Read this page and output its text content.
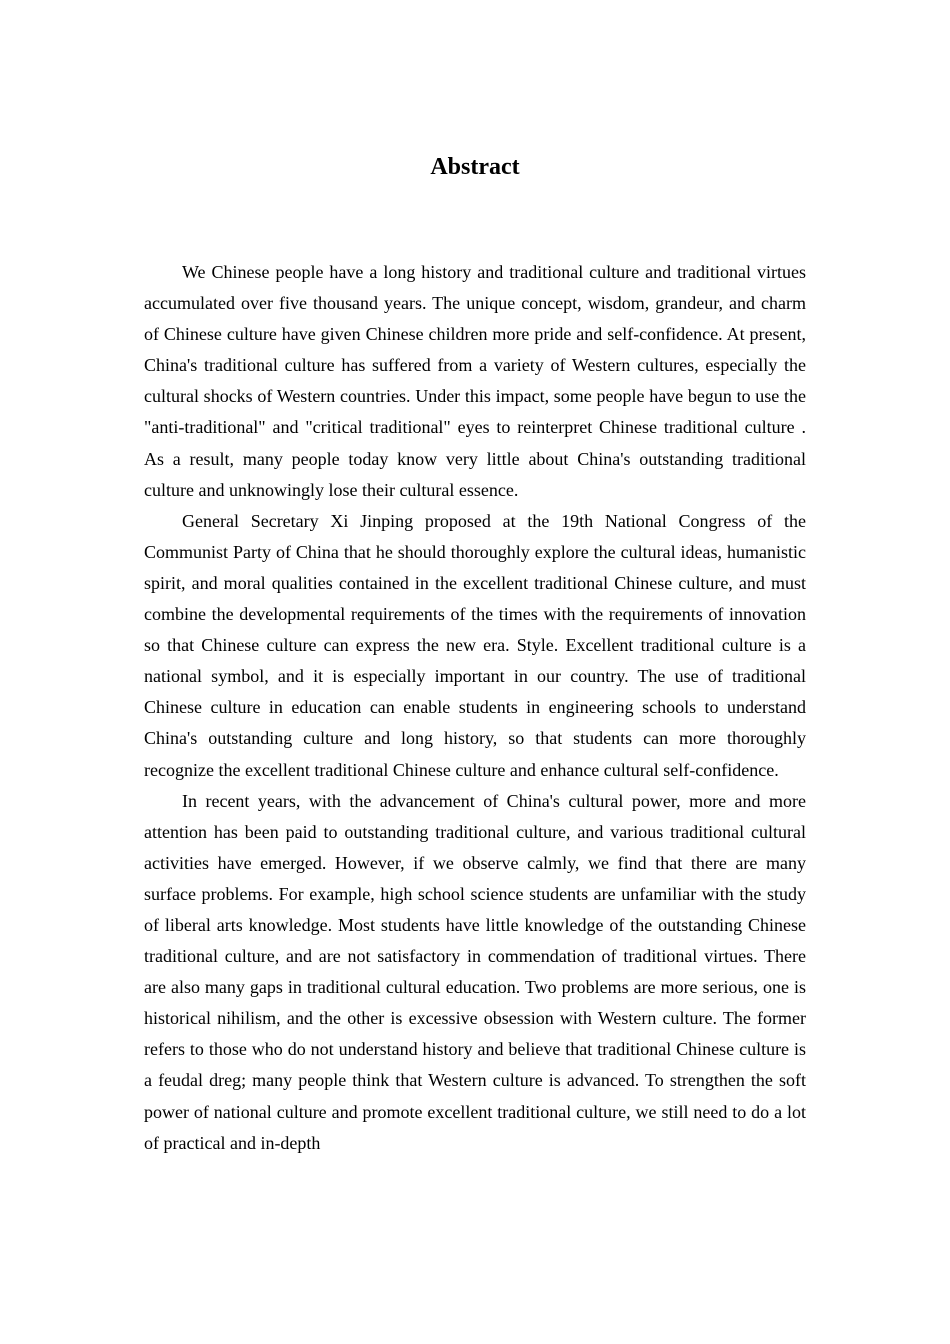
Abstract

We Chinese people have a long history and traditional culture and traditional virtues accumulated over five thousand years. The unique concept, wisdom, grandeur, and charm of Chinese culture have given Chinese children more pride and self-confidence. At present, China's traditional culture has suffered from a variety of Western cultures, especially the cultural shocks of Western countries. Under this impact, some people have begun to use the "anti-traditional" and "critical traditional" eyes to reinterpret Chinese traditional culture . As a result, many people today know very little about China's outstanding traditional culture and unknowingly lose their cultural essence.

General Secretary Xi Jinping proposed at the 19th National Congress of the Communist Party of China that he should thoroughly explore the cultural ideas, humanistic spirit, and moral qualities contained in the excellent traditional Chinese culture, and must combine the developmental requirements of the times with the requirements of innovation so that Chinese culture can express the new era. Style. Excellent traditional culture is a national symbol, and it is especially important in our country. The use of traditional Chinese culture in education can enable students in engineering schools to understand China's outstanding culture and long history, so that students can more thoroughly recognize the excellent traditional Chinese culture and enhance cultural self-confidence.

In recent years, with the advancement of China's cultural power, more and more attention has been paid to outstanding traditional culture, and various traditional cultural activities have emerged. However, if we observe calmly, we find that there are many surface problems. For example, high school science students are unfamiliar with the study of liberal arts knowledge. Most students have little knowledge of the outstanding Chinese traditional culture, and are not satisfactory in commendation of traditional virtues. There are also many gaps in traditional cultural education. Two problems are more serious, one is historical nihilism, and the other is excessive obsession with Western culture. The former refers to those who do not understand history and believe that traditional Chinese culture is a feudal dreg; many people think that Western culture is advanced. To strengthen the soft power of national culture and promote excellent traditional culture, we still need to do a lot of practical and in-depth
